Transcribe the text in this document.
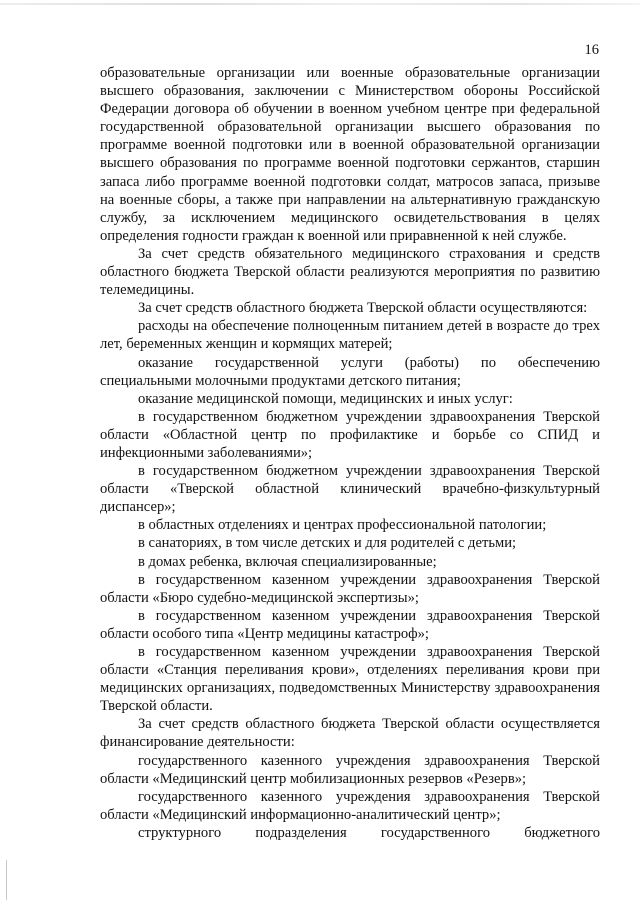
16

образовательные организации или военные образовательные организации высшего образования, заключении с Министерством обороны Российской Федерации договора об обучении в военном учебном центре при федеральной государственной образовательной организации высшего образования по программе военной подготовки или в военной образовательной организации высшего образования по программе военной подготовки сержантов, старшин запаса либо программе военной подготовки солдат, матросов запаса, призыве на военные сборы, а также при направлении на альтернативную гражданскую службу, за исключением медицинского освидетельствования в целях определения годности граждан к военной или приравненной к ней службе.

За счет средств обязательного медицинского страхования и средств областного бюджета Тверской области реализуются мероприятия по развитию телемедицины.

За счет средств областного бюджета Тверской области осуществляются:

расходы на обеспечение полноценным питанием детей в возрасте до трех лет, беременных женщин и кормящих матерей;

оказание государственной услуги (работы) по обеспечению специальными молочными продуктами детского питания;

оказание медицинской помощи, медицинских и иных услуг:

в государственном бюджетном учреждении здравоохранения Тверской области «Областной центр по профилактике и борьбе со СПИД и инфекционными заболеваниями»;

в государственном бюджетном учреждении здравоохранения Тверской области «Тверской областной клинический врачебно-физкультурный диспансер»;

в областных отделениях и центрах профессиональной патологии;

в санаториях, в том числе детских и для родителей с детьми;

в домах ребенка, включая специализированные;

в государственном казенном учреждении здравоохранения Тверской области «Бюро судебно-медицинской экспертизы»;

в государственном казенном учреждении здравоохранения Тверской области особого типа «Центр медицины катастроф»;

в государственном казенном учреждении здравоохранения Тверской области «Станция переливания крови», отделениях переливания крови при медицинских организациях, подведомственных Министерству здравоохранения Тверской области.

За счет средств областного бюджета Тверской области осуществляется финансирование деятельности:

государственного казенного учреждения здравоохранения Тверской области «Медицинский центр мобилизационных резервов «Резерв»;

государственного казенного учреждения здравоохранения Тверской области «Медицинский информационно-аналитический центр»;

структурного подразделения государственного бюджетного
